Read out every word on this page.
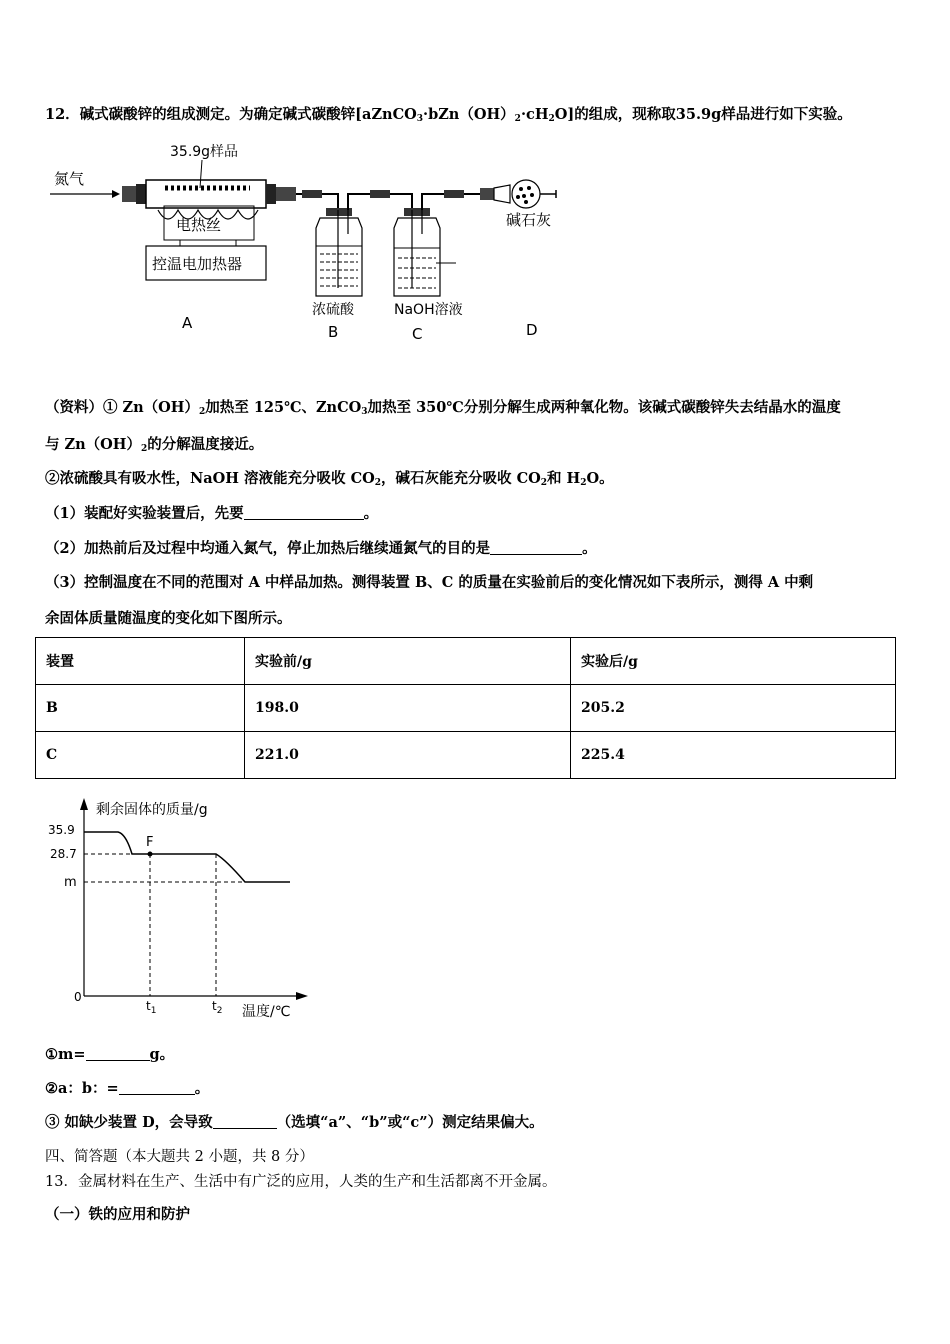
12．碱式碳酸锌的组成测定。为确定碱式碳酸锌$[aZnCO_3\cdot bZn(OH)_2\cdot cH_2O]$的组成，现称取35.9g样品进行如下实验。
氮气
35.9g样品
电热丝
控温电加热器
A
浓硫酸
B
NaOH溶液
C
碱石灰
D
（资料）① $Zn(OH)_2$加热至 125℃、ZnCO$_3$加热至 350℃分别分解生成两种氧化物。该碱式碳酸锌失去结晶水的温度
与 $Zn(OH)_2$的分解温度接近。
②浓硫酸具有吸水性，NaOH 溶液能充分吸收 $CO_2$，碱石灰能充分吸收 $CO_2$和 $H_2O$。
（1）装配好实验装置后，先要	。
（2）加热前后及过程中均通入氮气，停止加热后继续通氮气的目的是	。
（3）控制温度在不同的范围对 A 中样品加热。测得装置 B、C 的质量在实验前后的变化情况如下表所示，测得 A 中剩
余固体质量随温度的变化如下图所示。
装置	实验前/g	实验后/g
B	198.0	205.2
C	221.0	225.4
剩余固体的质量/g
温度/℃
0
35.9
28.7
m
F
$t_1$	$t_2$
①m=	g。
②a：b：=	。
③ 如缺少装置 D，会导致	（选填“a”、“b”或“c”）测定结果偏大。
四、简答题（本大题共 2 小题，共 8 分）
13．金属材料在生产、生活中有广泛的应用，人类的生产和生活都离不开金属。
（一）铁的应用和防护
